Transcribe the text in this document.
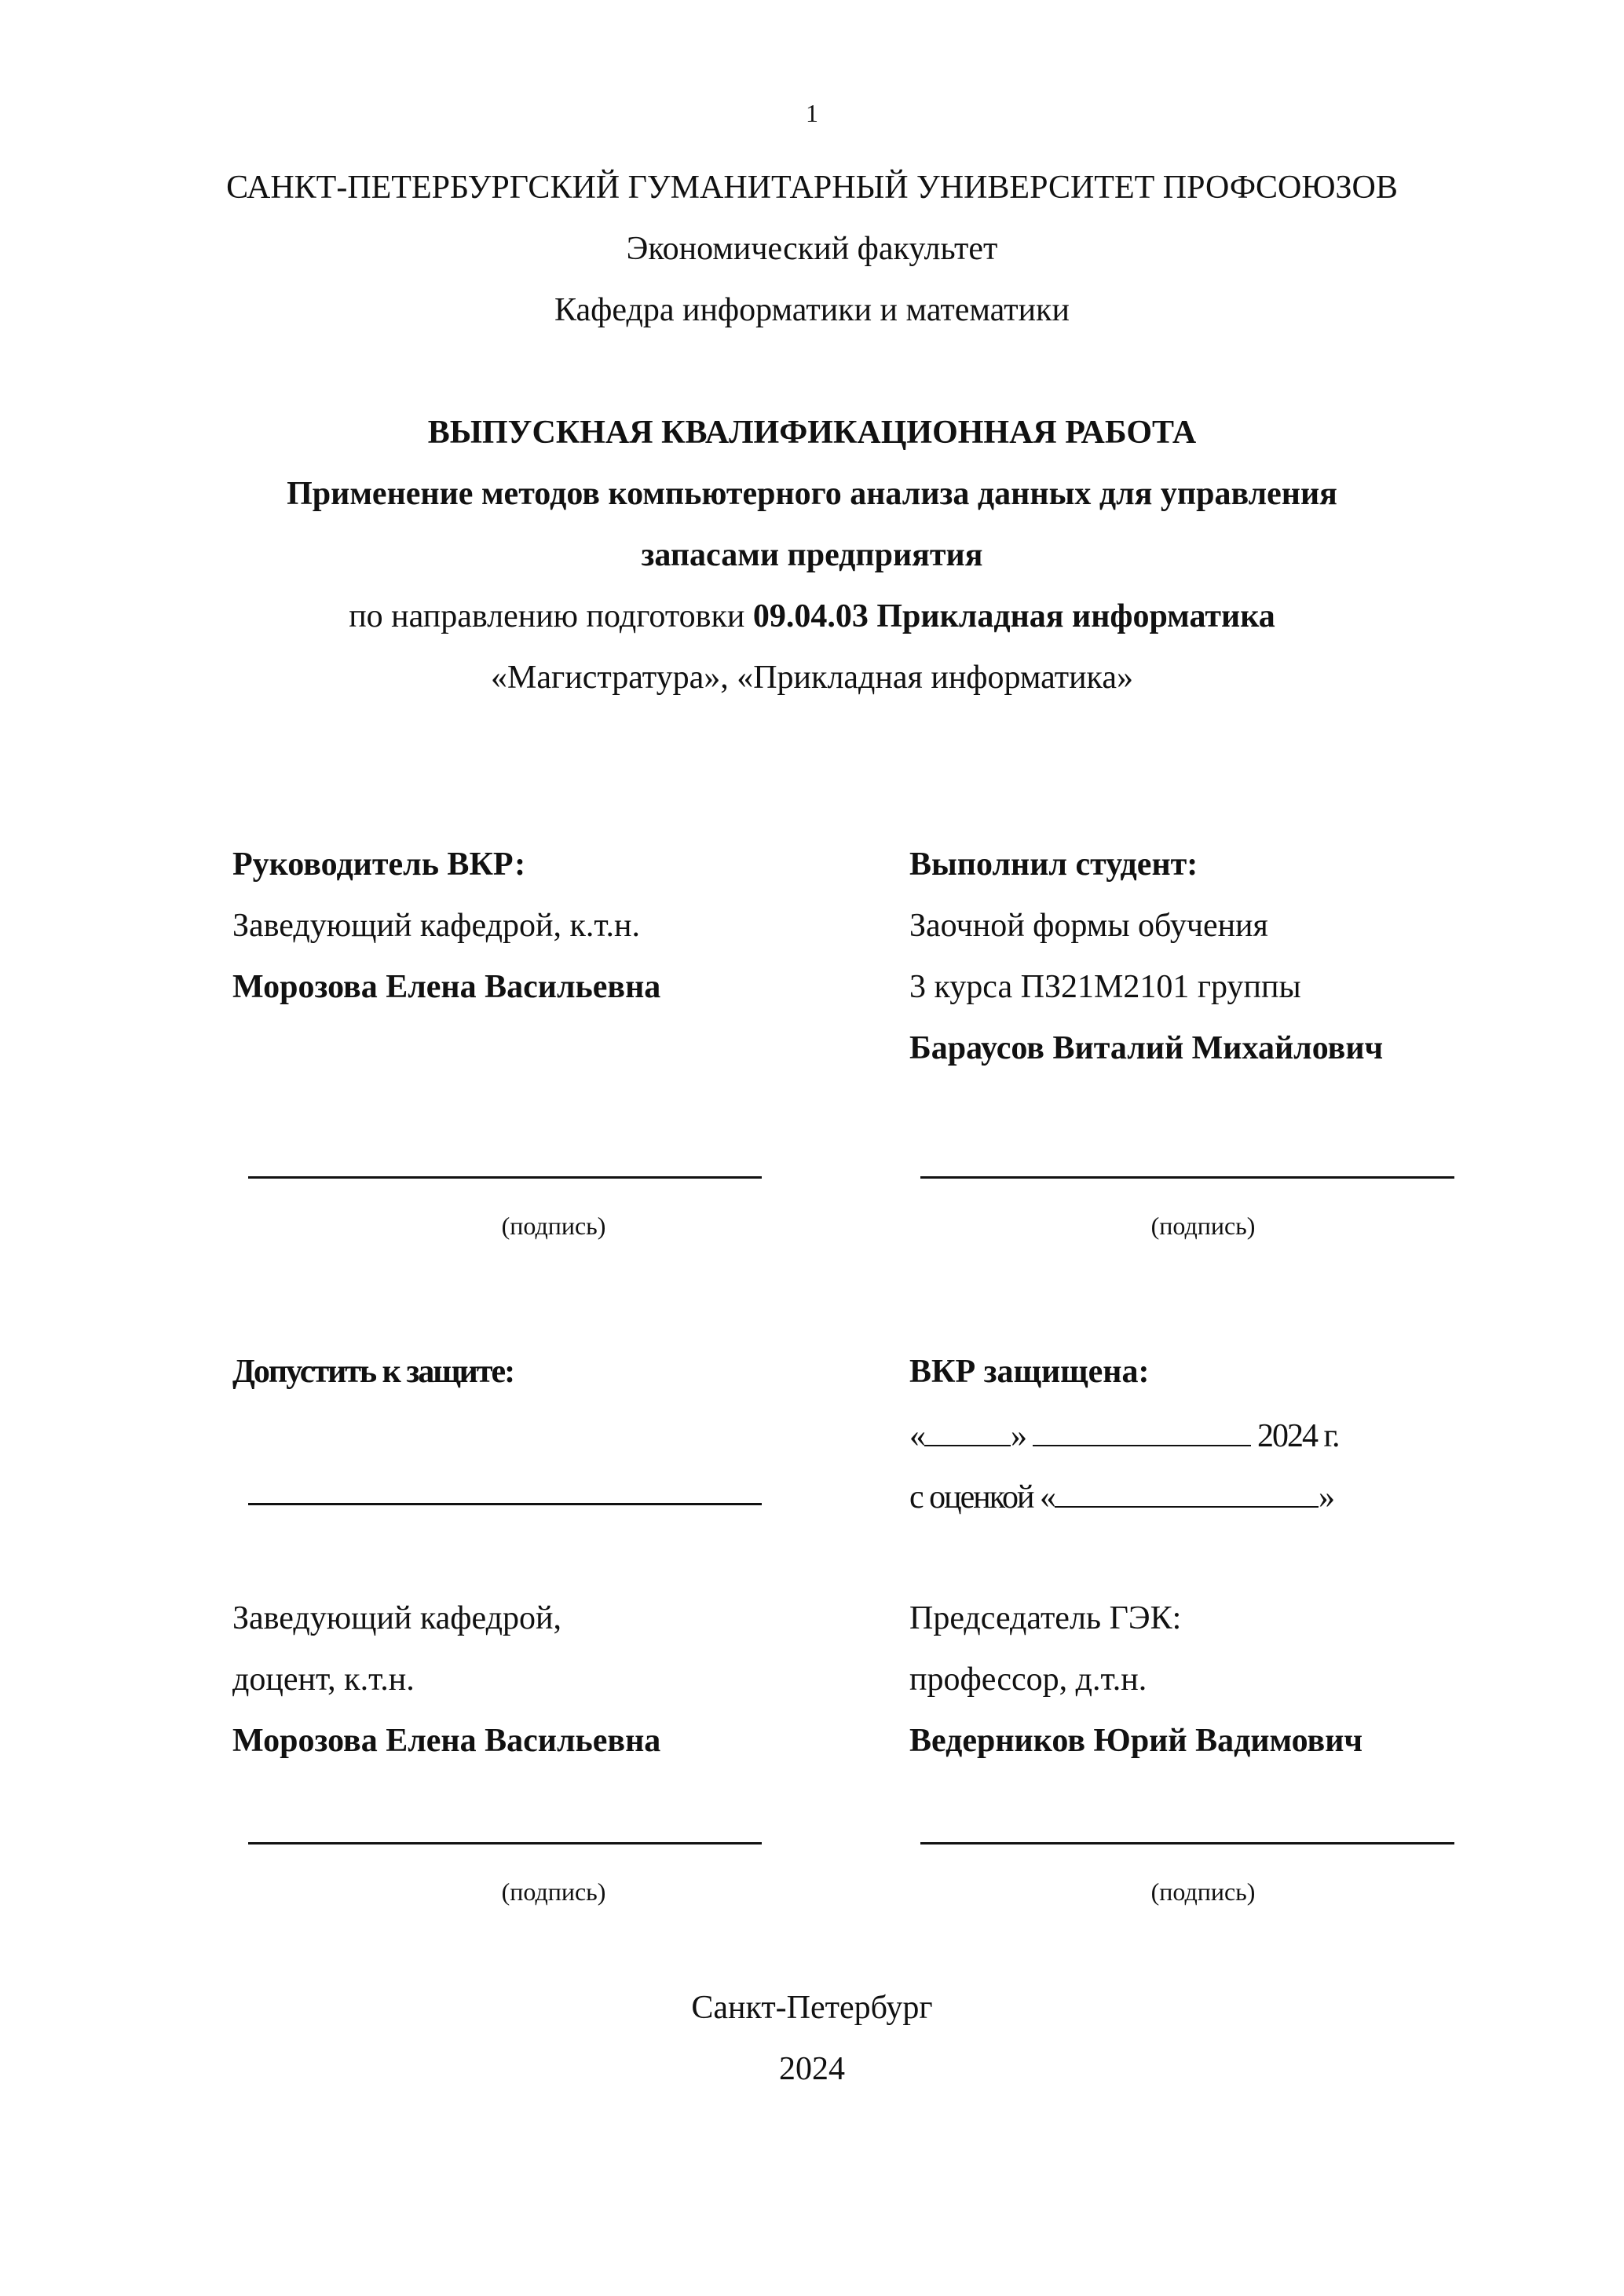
1
САНКТ-ПЕТЕРБУРГСКИЙ ГУМАНИТАРНЫЙ УНИВЕРСИТЕТ ПРОФСОЮЗОВ
Экономический факультет
Кафедра информатики и математики
ВЫПУСКНАЯ КВАЛИФИКАЦИОННАЯ РАБОТА
Применение методов компьютерного анализа данных для управления
запасами предприятия
по направлению подготовки 09.04.03 Прикладная информатика
«Магистратура», «Прикладная информатика»
Руководитель ВКР:
Заведующий кафедрой, к.т.н.
Морозова Елена Васильевна
(подпись)
Выполнил студент:
Заочной формы обучения
3 курса ПЗ21М2101 группы
Бараусов Виталий Михайлович
(подпись)
Допустить к защите:	ВКР защищена:
«	»	2024 г.
с оценкой «	»
Заведующий кафедрой,
доцент, к.т.н.
Морозова Елена Васильевна
(подпись)
Председатель ГЭК:
профессор, д.т.н.
Ведерников Юрий Вадимович
(подпись)
Санкт-Петербург
2024
